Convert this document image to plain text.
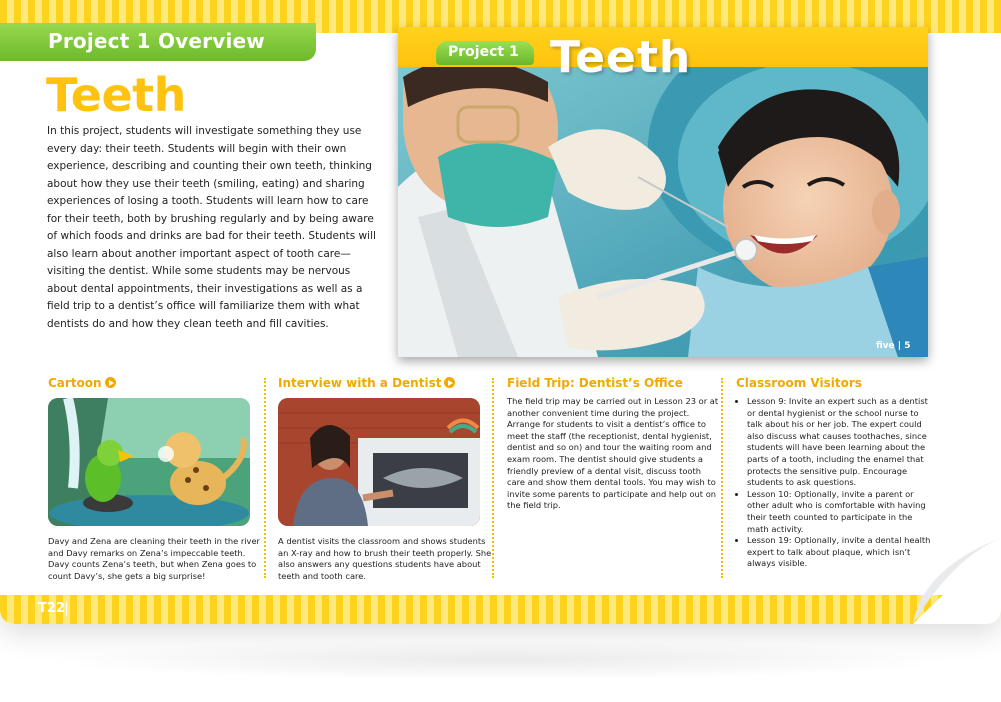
Project 1 Overview
Teeth
In this project, students will investigate something they use every day: their teeth. Students will begin with their own experience, describing and counting their own teeth, thinking about how they use their teeth (smiling, eating) and sharing experiences of losing a tooth. Students will learn how to care for their teeth, both by brushing regularly and by being aware of which foods and drinks are bad for their teeth. Students will also learn about another important aspect of tooth care—visiting the dentist. While some students may be nervous about dental appointments, their investigations as well as a field trip to a dentist’s office will familiarize them with what dentists do and how they clean teeth and fill cavities.
Project 1 Teeth
five | 5
Cartoon

Davy and Zena are cleaning their teeth in the river and Davy remarks on Zena’s impeccable teeth. Davy counts Zena’s teeth, but when Zena goes to count Davy’s, she gets a big surprise!

Interview with a Dentist

A dentist visits the classroom and shows students an X-ray and how to brush their teeth properly. She also answers any questions students have about teeth and tooth care.

Field Trip: Dentist’s Office

The field trip may be carried out in Lesson 23 or at another convenient time during the project. Arrange for students to visit a dentist’s office to meet the staff (the receptionist, dental hygienist, dentist and so on) and tour the waiting room and exam room. The dentist should give students a friendly preview of a dental visit, discuss tooth care and show them dental tools. You may wish to invite some parents to participate and help out on the field trip.

Classroom Visitors
• Lesson 9: Invite an expert such as a dentist or dental hygienist or the school nurse to talk about his or her job. The expert could also discuss what causes toothaches, since students will have been learning about the parts of a tooth, including the enamel that protects the sensitive pulp. Encourage students to ask questions.
• Lesson 10: Optionally, invite a parent or other adult who is comfortable with having their teeth counted to participate in the math activity.
• Lesson 19: Optionally, invite a dental health expert to talk about plaque, which isn’t always visible.
T22
